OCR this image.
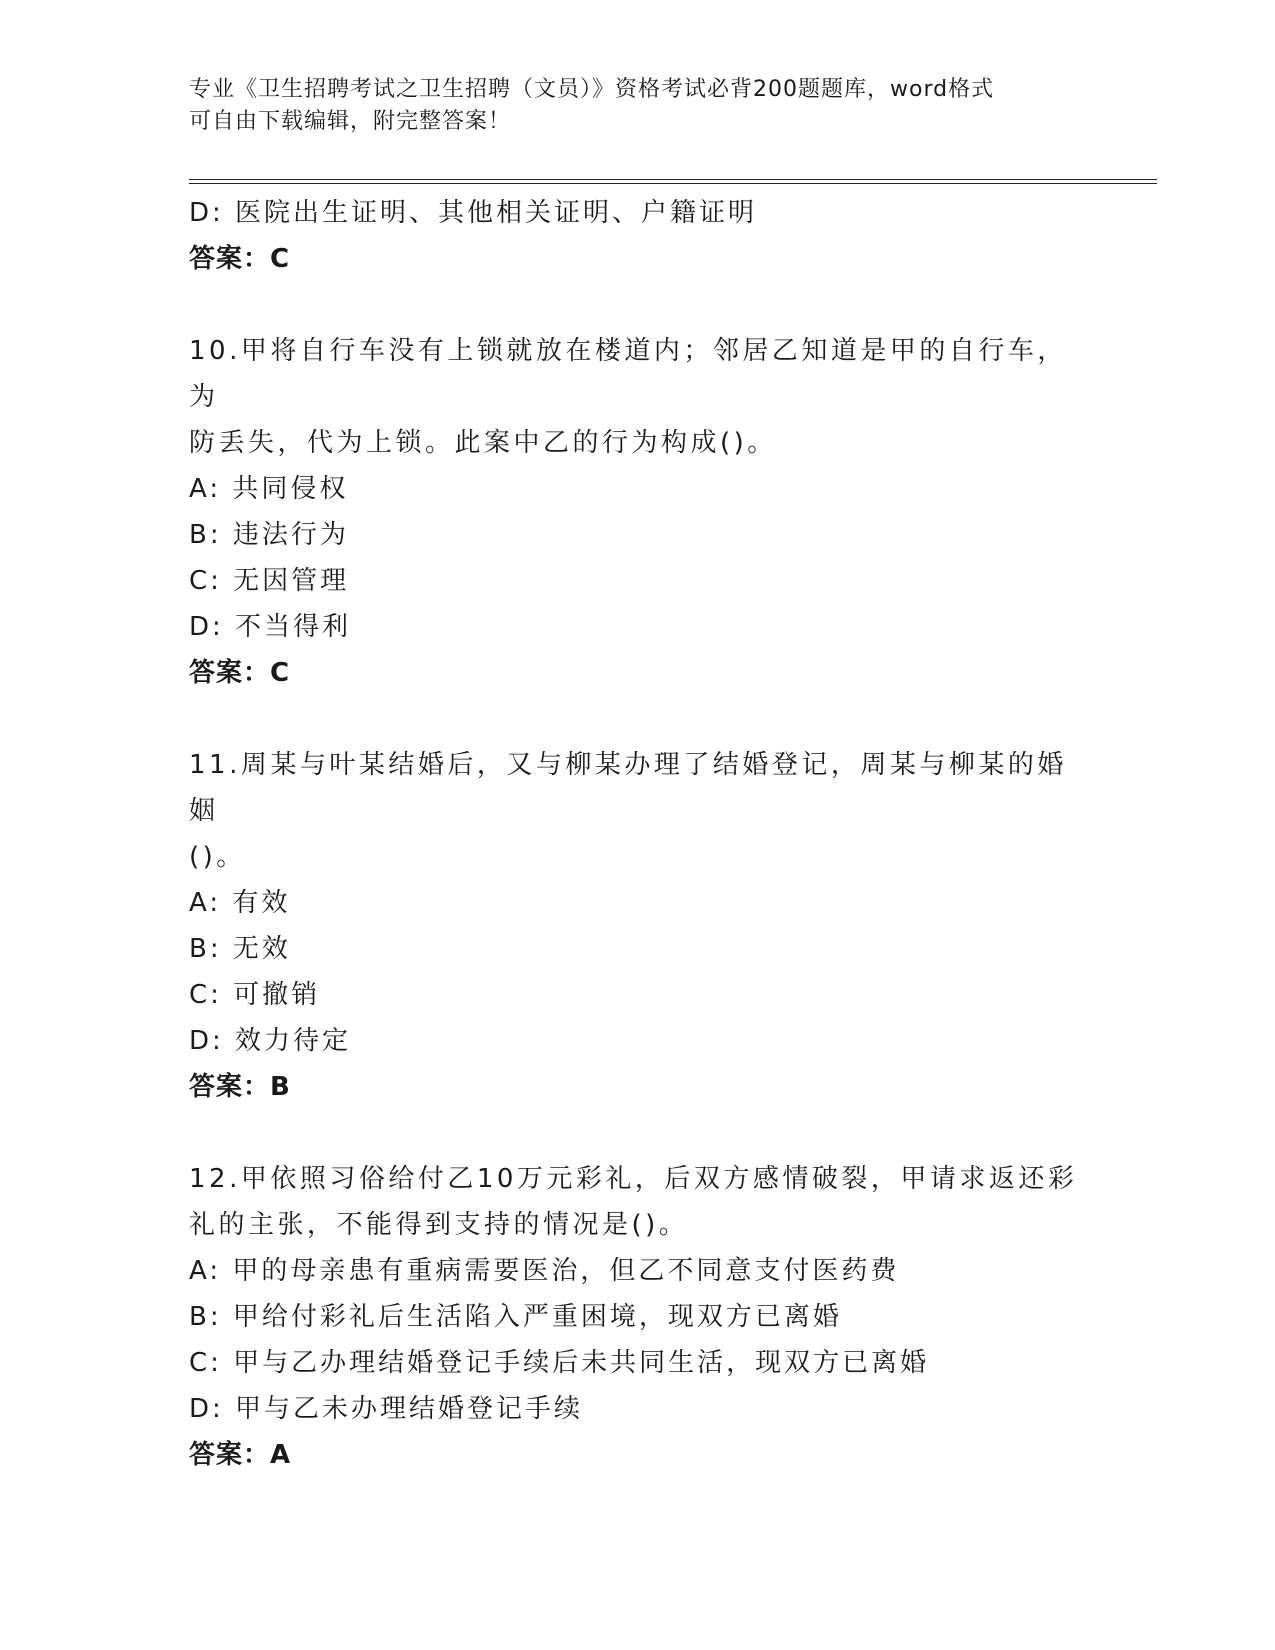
专业《卫生招聘考试之卫生招聘（文员）》资格考试必背200题题库，word格式
可自由下载编辑，附完整答案！
D: 医院出生证明、其他相关证明、户籍证明
答案：C
10.甲将自行车没有上锁就放在楼道内；邻居乙知道是甲的自行车，为
防丢失，代为上锁。此案中乙的行为构成()。
A: 共同侵权
B: 违法行为
C: 无因管理
D: 不当得利
答案：C
11.周某与叶某结婚后，又与柳某办理了结婚登记，周某与柳某的婚姻
()。
A: 有效
B: 无效
C: 可撤销
D: 效力待定
答案：B
12.甲依照习俗给付乙10万元彩礼，后双方感情破裂，甲请求返还彩
礼的主张，不能得到支持的情况是()。
A: 甲的母亲患有重病需要医治，但乙不同意支付医药费
B: 甲给付彩礼后生活陷入严重困境，现双方已离婚
C: 甲与乙办理结婚登记手续后未共同生活，现双方已离婚
D: 甲与乙未办理结婚登记手续
答案：A
